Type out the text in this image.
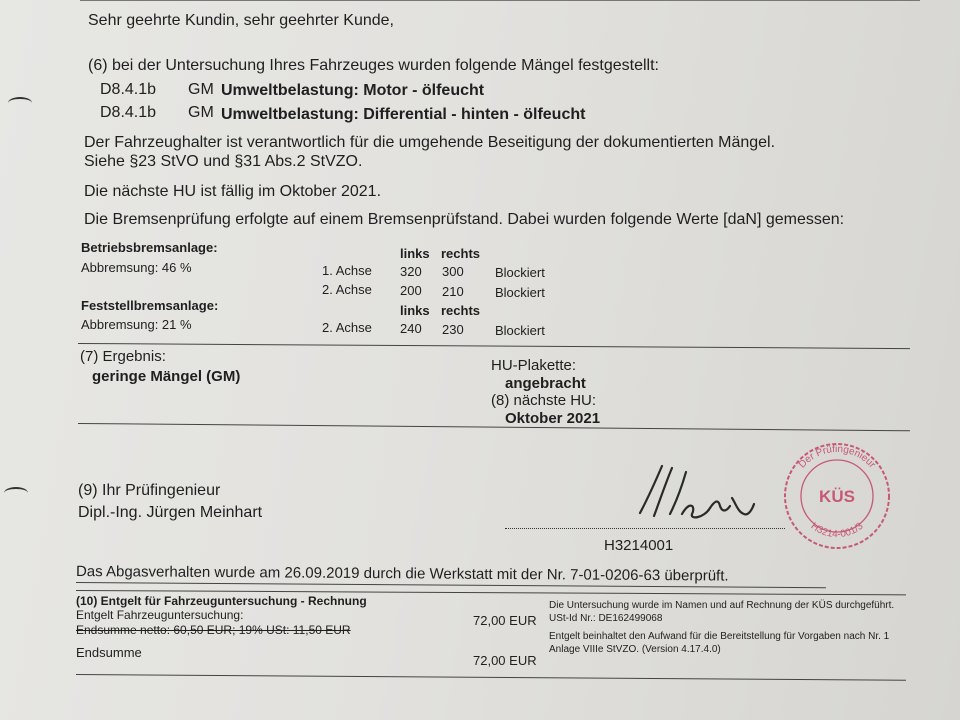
Sehr geehrte Kundin, sehr geehrter Kunde,
(6) bei der Untersuchung Ihres Fahrzeuges wurden folgende Mängel festgestellt:
D8.4.1b GM Umweltbelastung: Motor - ölfeucht
D8.4.1b GM Umweltbelastung: Differential - hinten - ölfeucht
Der Fahrzeughalter ist verantwortlich für die umgehende Beseitigung der dokumentierten Mängel.
Siehe §23 StVO und §31 Abs.2 StVZO.
Die nächste HU ist fällig im Oktober 2021.
Die Bremsenprüfung erfolgte auf einem Bremsenprüfstand. Dabei wurden folgende Werte [daN] gemessen:
Betriebsbremsanlage:
Abbremsung: 46 %
links rechts
1. Achse 320 300 Blockiert
2. Achse 200 210 Blockiert
Feststellbremsanlage:
Abbremsung: 21 %
links rechts
2. Achse 240 230 Blockiert
(7) Ergebnis:
geringe Mängel (GM)
HU-Plakette:
angebracht
(8) nächste HU:
Oktober 2021
(9) Ihr Prüfingenieur
Dipl.-Ing. Jürgen Meinhart
H3214001
Der Prüfingenieur
H3214-001/3
KÜS
Das Abgasverhalten wurde am 26.09.2019 durch die Werkstatt mit der Nr. 7-01-0206-63 überprüft.
(10) Entgelt für Fahrzeuguntersuchung - Rechnung
Entgelt Fahrzeuguntersuchung:
Endsumme netto: 60,50 EUR; 19% USt: 11,50 EUR
72,00 EUR
Die Untersuchung wurde im Namen und auf Rechnung der KÜS durchgeführt.
USt-Id Nr.: DE162499068
Entgelt beinhaltet den Aufwand für die Bereitstellung für Vorgaben nach Nr. 1
Anlage VIIIe StVZO. (Version 4.17.4.0)
Endsumme
72,00 EUR
